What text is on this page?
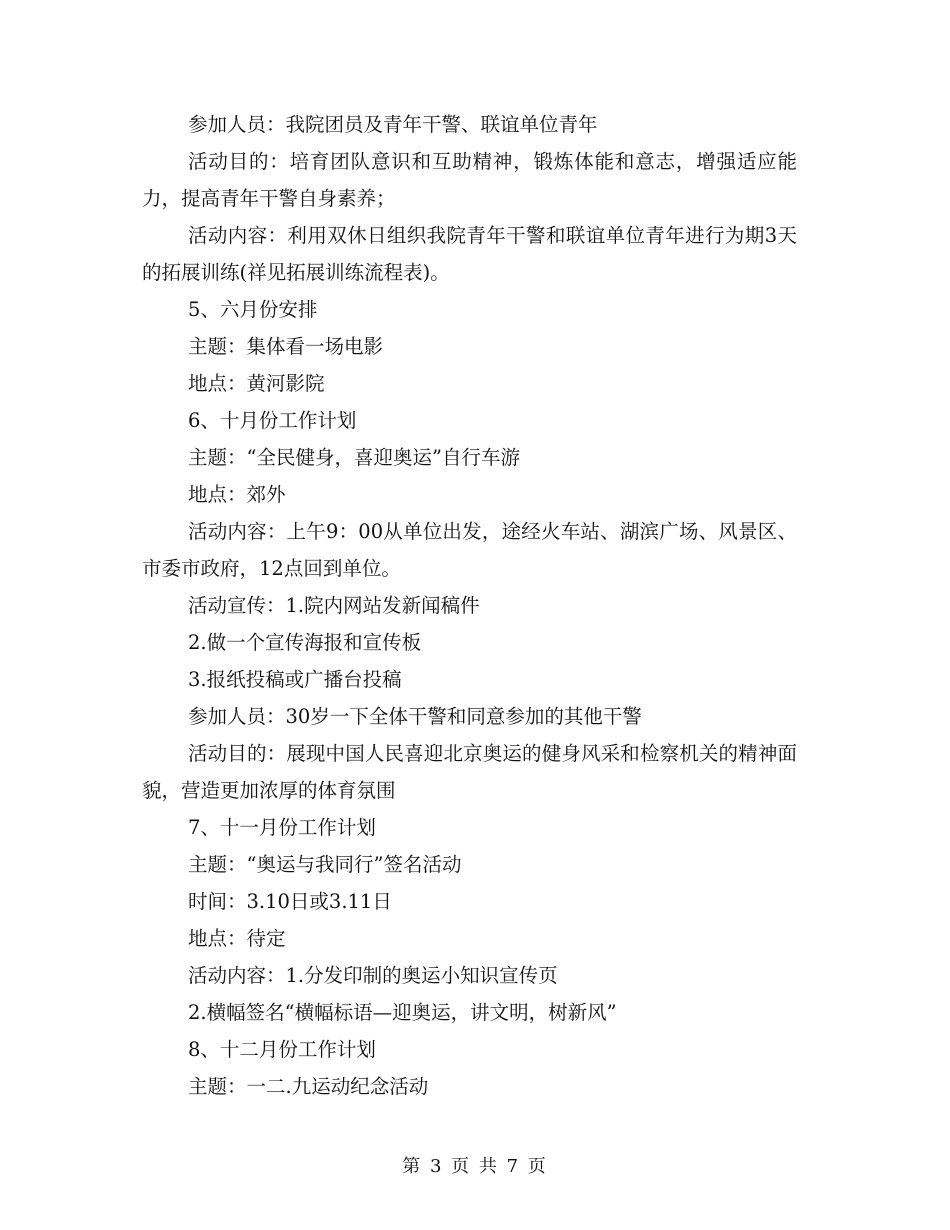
参加人员：我院团员及青年干警、联谊单位青年

活动目的：培育团队意识和互助精神，锻炼体能和意志，增强适应能力，提高青年干警自身素养；

活动内容：利用双休日组织我院青年干警和联谊单位青年进行为期3天的拓展训练(祥见拓展训练流程表)。

5、六月份安排

主题：集体看一场电影

地点：黄河影院

6、十月份工作计划

主题：“全民健身，喜迎奥运”自行车游

地点：郊外

活动内容：上午9：00从单位出发，途经火车站、湖滨广场、风景区、市委市政府，12点回到单位。

活动宣传：1.院内网站发新闻稿件

2.做一个宣传海报和宣传板

3.报纸投稿或广播台投稿

参加人员：30岁一下全体干警和同意参加的其他干警

活动目的：展现中国人民喜迎北京奥运的健身风采和检察机关的精神面貌，营造更加浓厚的体育氛围

7、十一月份工作计划

主题：“奥运与我同行”签名活动

时间：3.10日或3.11日

地点：待定

活动内容：1.分发印制的奥运小知识宣传页

2.横幅签名“横幅标语—迎奥运，讲文明，树新风”

8、十二月份工作计划

主题：一二.九运动纪念活动

第 3 页 共 7 页
